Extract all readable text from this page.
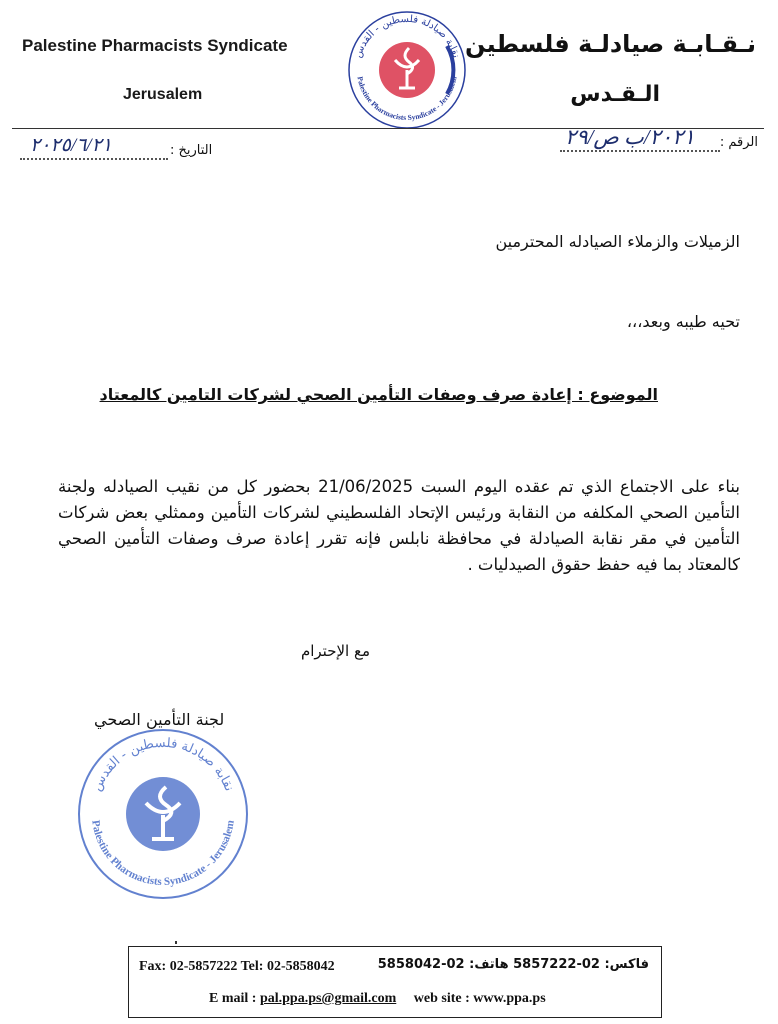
Palestine Pharmacists Syndicate
Jerusalem
نـقـابـة صيادلـة فلسطين
الـقـدس
نقابة صيادلة فلسطين - القدس
Palestine Pharmacists Syndicate - Jerusalem
التاريخ :
٢٠٢٥/٦/٢١	الرقم :
٢٠٢١/ب ص/٢٩
الزميلات والزملاء الصيادله المحترمين
تحيه طيبه وبعد،،،
الموضوع : إعادة صرف وصفات التأمين الصحي لشركات التامين كالمعتاد
بناء على الاجتماع الذي تم عقده اليوم السبت 21/06/2025 بحضور كل من نقيب الصيادله ولجنة التأمين الصحي المكلفه من النقابة ورئيس الإتحاد الفلسطيني لشركات التأمين وممثلي بعض شركات التأمين في مقر نقابة الصيادلة في محافظة نابلس فإنه تقرر إعادة صرف وصفات التأمين الصحي كالمعتاد بما فيه حفظ حقوق الصيدليات .
مع الإحترام
لجنة التأمين الصحي
نقابة صيادلة فلسطين - القدس
Palestine Pharmacists Syndicate - Jerusalem
Fax: 02-5857222 Tel: 02-5858042	فاكس: 02-5857222 هاتف: 02-5858042
E mail : pal.ppa.ps@gmail.com web site : www.ppa.ps
